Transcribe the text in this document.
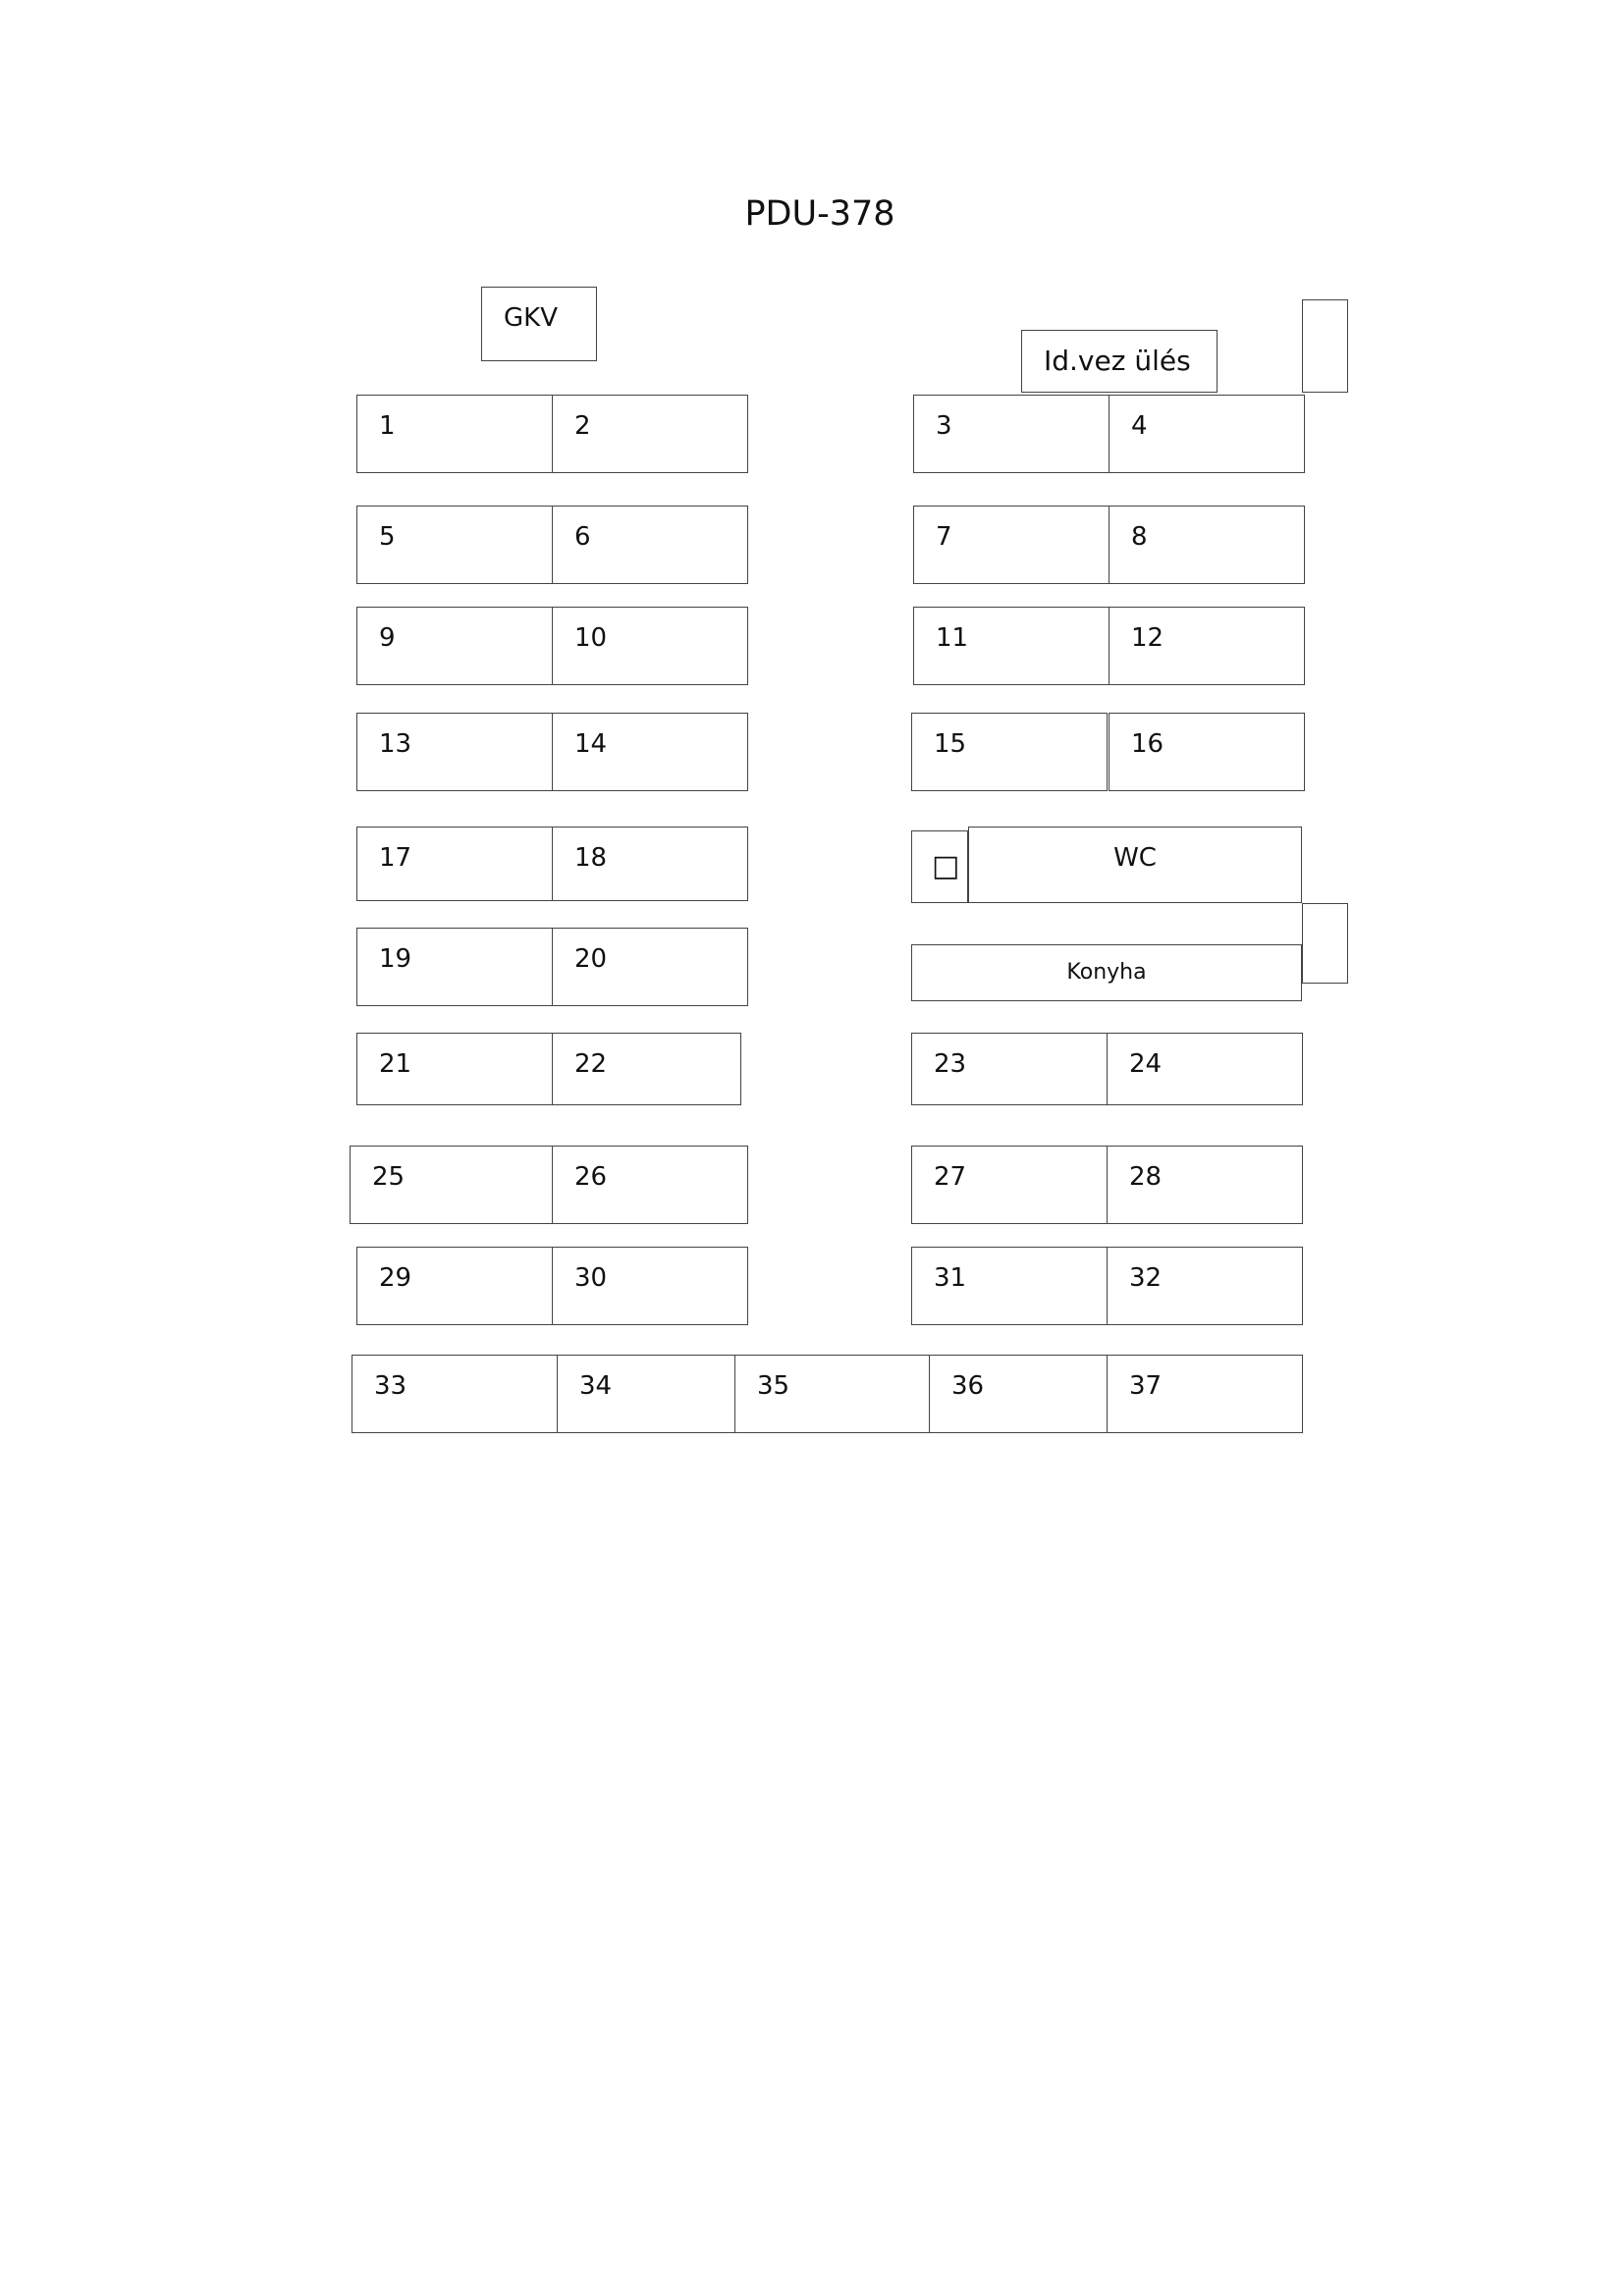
PDU-378
GKV
Id.vez ülés
□	WC
Konyha
1	2	3	4
5	6	7	8
9	10	11	12
13	14	15	16
17	18
19	20
21	22	23	24
25	26	27	28
29	30	31	32
33	34	35	36	37
